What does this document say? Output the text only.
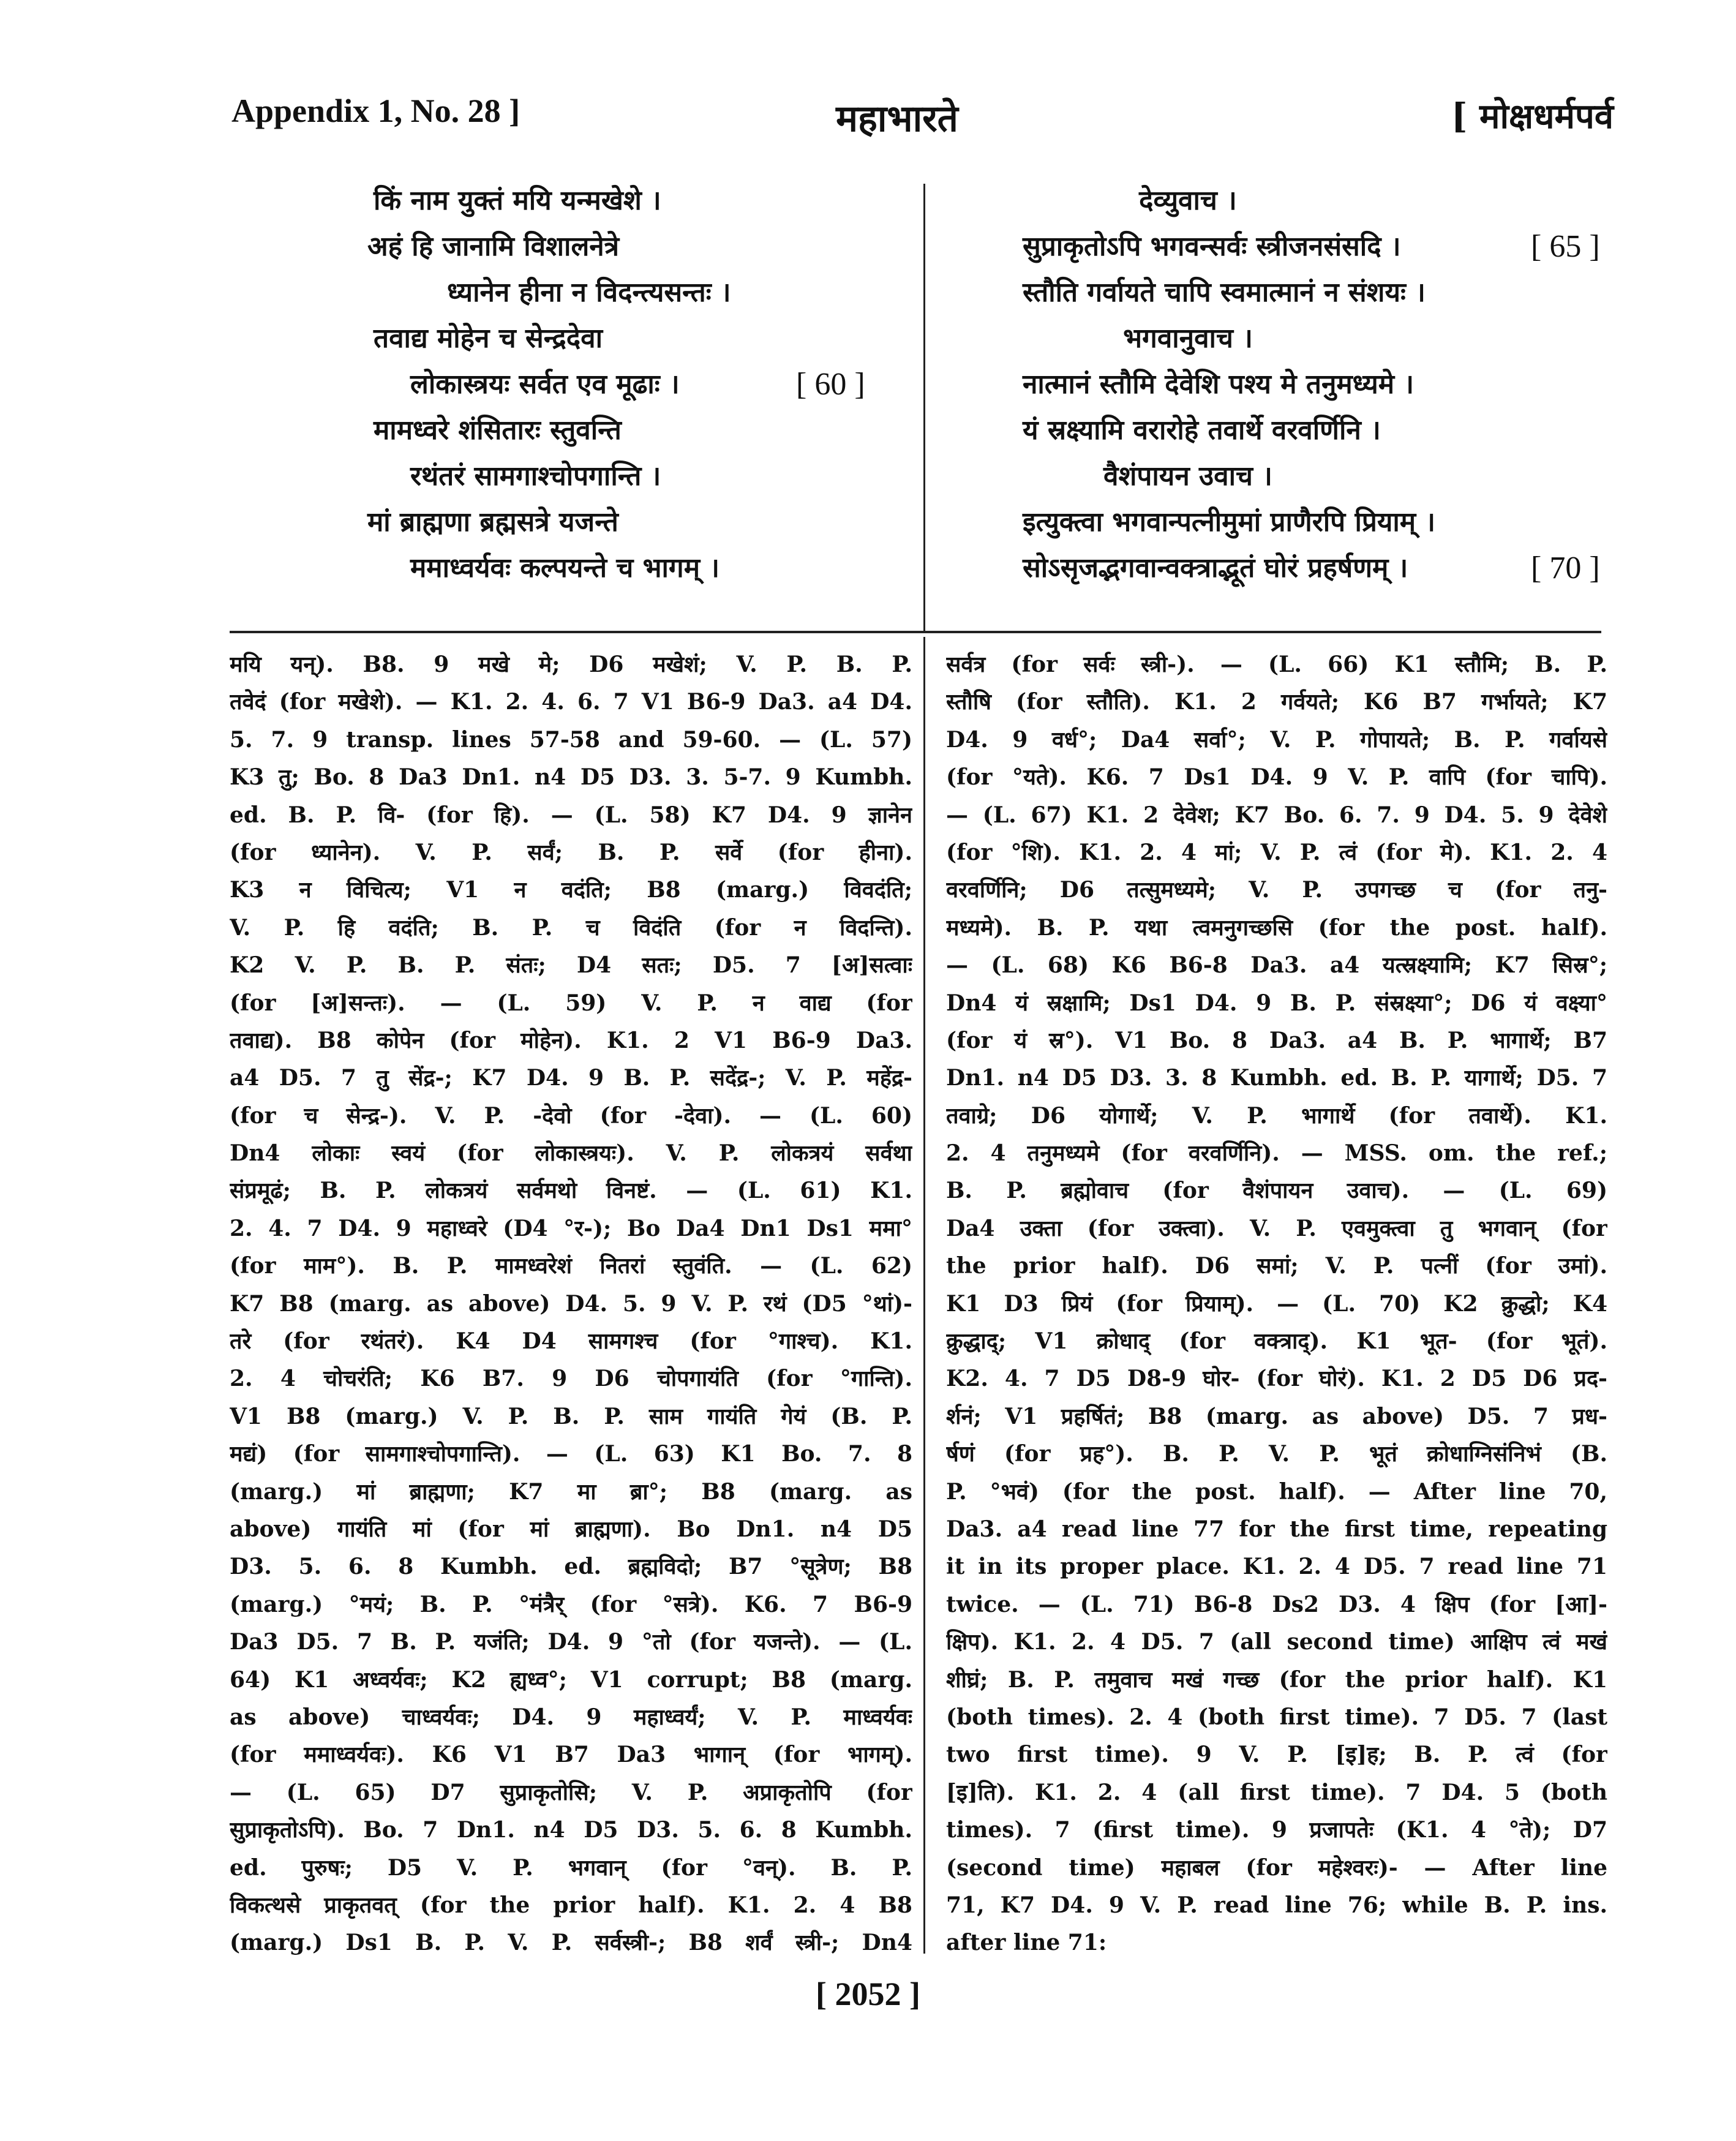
Appendix 1, No. 28 ]	महाभारते	[ मोक्षधर्मपर्व
किं नाम युक्तं मयि यन्मखेशे ।
अहं हि जानामि विशालनेत्रे
ध्यानेन हीना न विदन्त्यसन्तः ।
तवाद्य मोहेन च सेन्द्रदेवा
लोकास्त्रयः सर्वत एव मूढाः ।	[ 60 ]
मामध्वरे शंसितारः स्तुवन्ति
रथंतरं सामगाश्चोपगान्ति ।
मां ब्राह्मणा ब्रह्मसत्रे यजन्ते
ममाध्वर्यवः कल्पयन्ते च भागम् ।
देव्युवाच ।
सुप्राकृतोऽपि भगवन्सर्वः स्त्रीजनसंसदि ।	[ 65 ]
स्तौति गर्वायते चापि स्वमात्मानं न संशयः ।
भगवानुवाच ।
नात्मानं स्तौमि देवेशि पश्य मे तनुमध्यमे ।
यं स्रक्ष्यामि वरारोहे तवार्थे वरवर्णिनि ।
वैशंपायन उवाच ।
इत्युक्त्वा भगवान्पत्नीमुमां प्राणैरपि प्रियाम् ।
सोऽसृजद्भगवान्वक्त्राद्भूतं घोरं प्रहर्षणम् ।	[ 70 ]
मयि यन्). B8. 9 मखे मे; D6 मखेशं; V. P. B. P.
तवेदं (for मखेशे). — K1. 2. 4. 6. 7 V1 B6-9 Da3. a4 D4.
5. 7. 9 transp. lines 57-58 and 59-60. — (L. 57)
K3 तु; Bo. 8 Da3 Dn1. n4 D5 D3. 3. 5-7. 9 Kumbh.
ed. B. P. वि- (for हि). — (L. 58) K7 D4. 9 ज्ञानेन
(for ध्यानेन). V. P. सर्वं; B. P. सर्वे (for हीना).
K3 न विचित्य; V1 न वदंति; B8 (marg.) विवदंति;
V. P. हि वदंति; B. P. च विदंति (for न विदन्ति).
K2 V. P. B. P. संतः; D4 सतः; D5. 7 [अ]सत्वाः
(for [अ]सन्तः). — (L. 59) V. P. न वाद्य (for
तवाद्य). B8 कोपेन (for मोहेन). K1. 2 V1 B6-9 Da3.
a4 D5. 7 तु सेंद्र-; K7 D4. 9 B. P. सदेंद्र-; V. P. महेंद्र-
(for च सेन्द्र-). V. P. -देवो (for -देवा). — (L. 60)
Dn4 लोकाः स्वयं (for लोकास्त्रयः). V. P. लोकत्रयं सर्वथा
संप्रमूढं; B. P. लोकत्रयं सर्वमथो विनष्टं. — (L. 61) K1.
2. 4. 7 D4. 9 महाध्वरे (D4 °र-); Bo Da4 Dn1 Ds1 ममा°
(for माम°). B. P. मामध्वरेशं नितरां स्तुवंति. — (L. 62)
K7 B8 (marg. as above) D4. 5. 9 V. P. रथं (D5 °थां)-
तरे (for रथंतरं). K4 D4 सामगश्च (for °गाश्च). K1.
2. 4 चोचरंति; K6 B7. 9 D6 चोपगायंति (for °गान्ति).
V1 B8 (marg.) V. P. B. P. साम गायंति गेयं (B. P.
मद्यं) (for सामगाश्चोपगान्ति). — (L. 63) K1 Bo. 7. 8
(marg.) मां ब्राह्मणा; K7 मा ब्रा°; B8 (marg. as
above) गायंति मां (for मां ब्राह्मणा). Bo Dn1. n4 D5
D3. 5. 6. 8 Kumbh. ed. ब्रह्मविदो; B7 °सूत्रेण; B8
(marg.) °मयं; B. P. °मंत्रैर् (for °सत्रे). K6. 7 B6-9
Da3 D5. 7 B. P. यजंति; D4. 9 °तो (for यजन्ते). — (L.
64) K1 अध्वर्यवः; K2 ह्यध्व°; V1 corrupt; B8 (marg.
as above) चाध्वर्यवः; D4. 9 महाध्वर्यं; V. P. माध्वर्यवः
(for ममाध्वर्यवः). K6 V1 B7 Da3 भागान् (for भागम्).
— (L. 65) D7 सुप्राकृतोसि; V. P. अप्राकृतोपि (for
सुप्राकृतोऽपि). Bo. 7 Dn1. n4 D5 D3. 5. 6. 8 Kumbh.
ed. पुरुषः; D5 V. P. भगवान् (for °वन्). B. P.
विकत्थसे प्राकृतवत् (for the prior half). K1. 2. 4 B8
(marg.) Ds1 B. P. V. P. सर्वस्त्री-; B8 शर्वं स्त्री-; Dn4
सर्वत्र (for सर्वः स्त्री-). — (L. 66) K1 स्तौमि; B. P.
स्तौषि (for स्तौति). K1. 2 गर्वयते; K6 B7 गर्भायते; K7
D4. 9 वर्ध°; Da4 सर्वा°; V. P. गोपायते; B. P. गर्वायसे
(for °यते). K6. 7 Ds1 D4. 9 V. P. वापि (for चापि).
— (L. 67) K1. 2 देवेश; K7 Bo. 6. 7. 9 D4. 5. 9 देवेशे
(for °शि). K1. 2. 4 मां; V. P. त्वं (for मे). K1. 2. 4
वरवर्णिनि; D6 तत्सुमध्यमे; V. P. उपगच्छ च (for तनु-
मध्यमे). B. P. यथा त्वमनुगच्छसि (for the post. half).
— (L. 68) K6 B6-8 Da3. a4 यत्स्रक्ष्यामि; K7 सिस्र°;
Dn4 यं स्रक्षामि; Ds1 D4. 9 B. P. संस्रक्ष्या°; D6 यं वक्ष्या°
(for यं स्र°). V1 Bo. 8 Da3. a4 B. P. भागार्थे; B7
Dn1. n4 D5 D3. 3. 8 Kumbh. ed. B. P. यागार्थे; D5. 7
तवाग्रे; D6 योगार्थे; V. P. भागार्थे (for तवार्थे). K1.
2. 4 तनुमध्यमे (for वरवर्णिनि). — MSS. om. the ref.;
B. P. ब्रह्मोवाच (for वैशंपायन उवाच). — (L. 69)
Da4 उक्ता (for उक्त्वा). V. P. एवमुक्त्वा तु भगवान् (for
the prior half). D6 समां; V. P. पत्नीं (for उमां).
K1 D3 प्रियं (for प्रियाम्). — (L. 70) K2 क्रुद्धो; K4
क्रुद्धाद्; V1 क्रोधाद् (for वक्त्राद्). K1 भूत- (for भूतं).
K2. 4. 7 D5 D8-9 घोर- (for घोरं). K1. 2 D5 D6 प्रद-
र्शनं; V1 प्रहर्षितं; B8 (marg. as above) D5. 7 प्रध-
र्षणं (for प्रह°). B. P. V. P. भूतं क्रोधाग्निसंनिभं (B.
P. °भवं) (for the post. half). — After line 70,
Da3. a4 read line 77 for the first time, repeating
it in its proper place. K1. 2. 4 D5. 7 read line 71
twice. — (L. 71) B6-8 Ds2 D3. 4 क्षिप (for [आ]-
क्षिप). K1. 2. 4 D5. 7 (all second time) आक्षिप त्वं मखं
शीघ्रं; B. P. तमुवाच मखं गच्छ (for the prior half). K1
(both times). 2. 4 (both first time). 7 D5. 7 (last
two first time). 9 V. P. [इ]ह; B. P. त्वं (for
[इ]ति). K1. 2. 4 (all first time). 7 D4. 5 (both
times). 7 (first time). 9 प्रजापतेः (K1. 4 °ते); D7
(second time) महाबल (for महेश्वरः)- — After line
71, K7 D4. 9 V. P. read line 76; while B. P. ins.
after line 71:
[ 2052 ]
